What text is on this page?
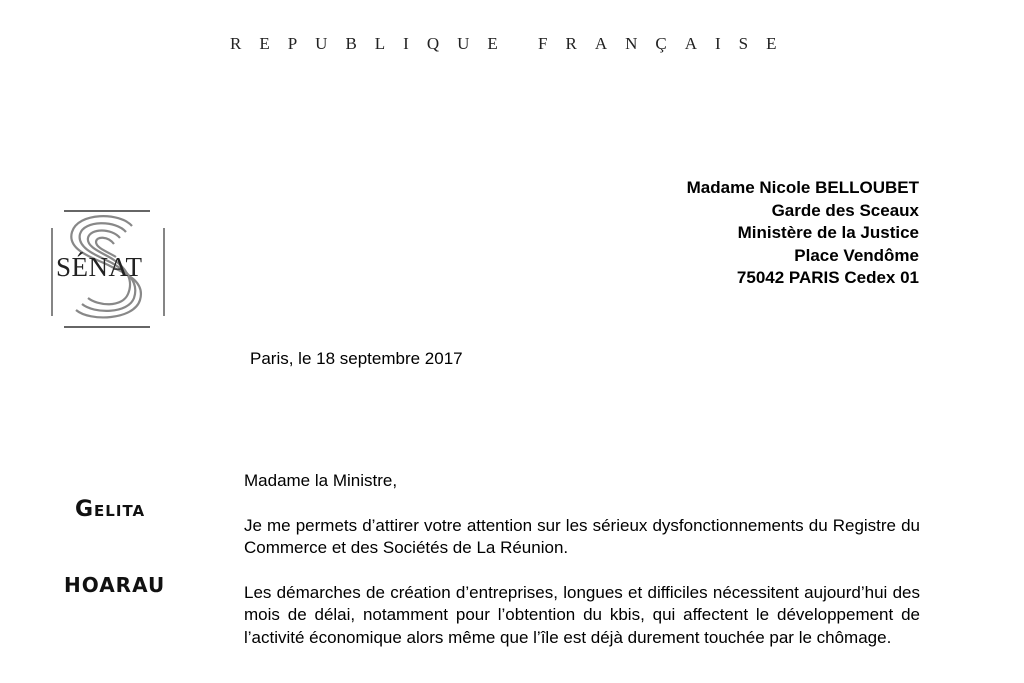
REPUBLIQUE FRANÇAISE
SÉNAT
Madame Nicole BELLOUBET
Garde des Sceaux
Ministère de la Justice
Place Vendôme
75042 PARIS Cedex 01
Paris, le 18 septembre 2017
Gelita
HOARAU

Madame la Ministre,

Je me permets d’attirer votre attention sur les sérieux dysfonctionnements du Registre du Commerce et des Sociétés de La Réunion.

Les démarches de création d’entreprises, longues et difficiles nécessitent aujourd’hui des mois de délai, notamment pour l’obtention du kbis, qui affectent le développement de l’activité économique alors même que l’île est déjà durement touchée par le chômage.
